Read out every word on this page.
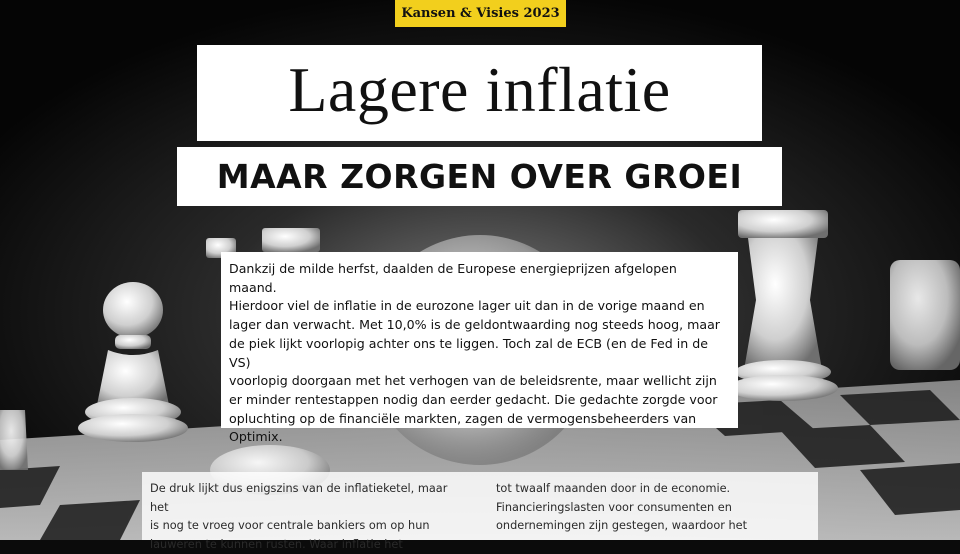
Kansen & Visies 2023
Lagere inflatie
MAAR ZORGEN OVER GROEI

Dankzij de milde herfst, daalden de Europese energieprijzen afgelopen maand.
Hierdoor viel de inflatie in de eurozone lager uit dan in de vorige maand en
lager dan verwacht. Met 10,0% is de geldontwaarding nog steeds hoog, maar
de piek lijkt voorlopig achter ons te liggen. Toch zal de ECB (en de Fed in de VS)
voorlopig doorgaan met het verhogen van de beleidsrente, maar wellicht zijn
er minder rentestappen nodig dan eerder gedacht. Die gedachte zorgde voor
opluchting op de financiële markten, zagen de vermogensbeheerders van
Optimix.

De druk lijkt dus enigszins van de inflatieketel, maar het
is nog te vroeg voor centrale bankiers om op hun
lauweren te kunnen rusten. Waar inflatie het

tot twaalf maanden door in de economie.
Financieringslasten voor consumenten en
ondernemingen zijn gestegen, waardoor het
